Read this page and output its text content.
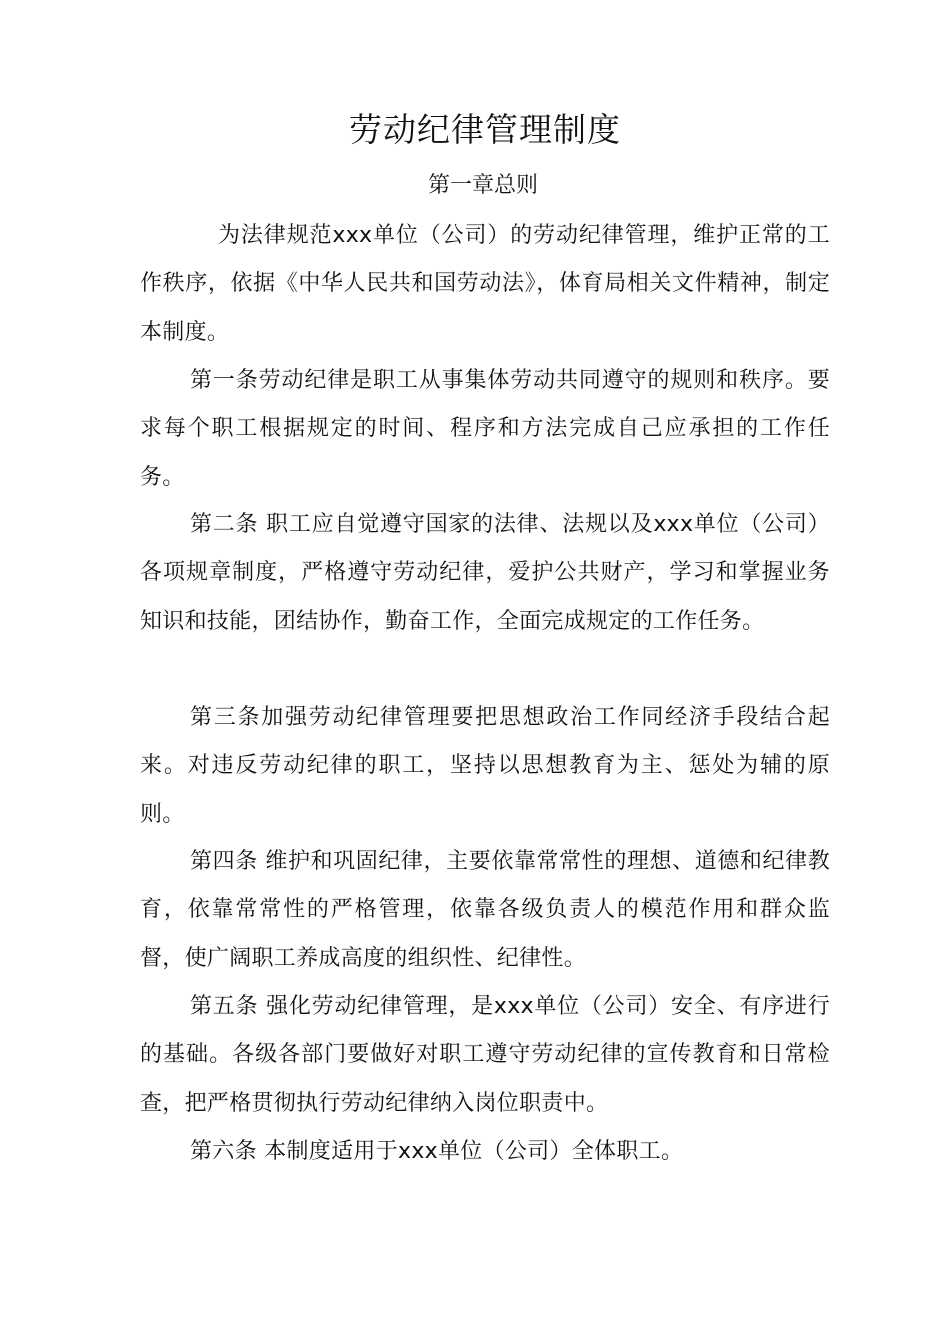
劳动纪律管理制度
第一章总则

为法律规范xxx单位（公司）的劳动纪律管理，维护正常的工作秩序，依据《中华人民共和国劳动法》，体育局相关文件精神，制定本制度。

第一条劳动纪律是职工从事集体劳动共同遵守的规则和秩序。要求每个职工根据规定的时间、程序和方法完成自己应承担的工作任务。

第二条 职工应自觉遵守国家的法律、法规以及xxx单位（公司）各项规章制度，严格遵守劳动纪律，爱护公共财产，学习和掌握业务知识和技能，团结协作，勤奋工作，全面完成规定的工作任务。

第三条加强劳动纪律管理要把思想政治工作同经济手段结合起来。对违反劳动纪律的职工，坚持以思想教育为主、惩处为辅的原则。

第四条 维护和巩固纪律，主要依靠常常性的理想、道德和纪律教育，依靠常常性的严格管理，依靠各级负责人的模范作用和群众监督，使广阔职工养成高度的组织性、纪律性。

第五条 强化劳动纪律管理，是xxx单位（公司）安全、有序进行的基础。各级各部门要做好对职工遵守劳动纪律的宣传教育和日常检查，把严格贯彻执行劳动纪律纳入岗位职责中。

第六条 本制度适用于xxx单位（公司）全体职工。
